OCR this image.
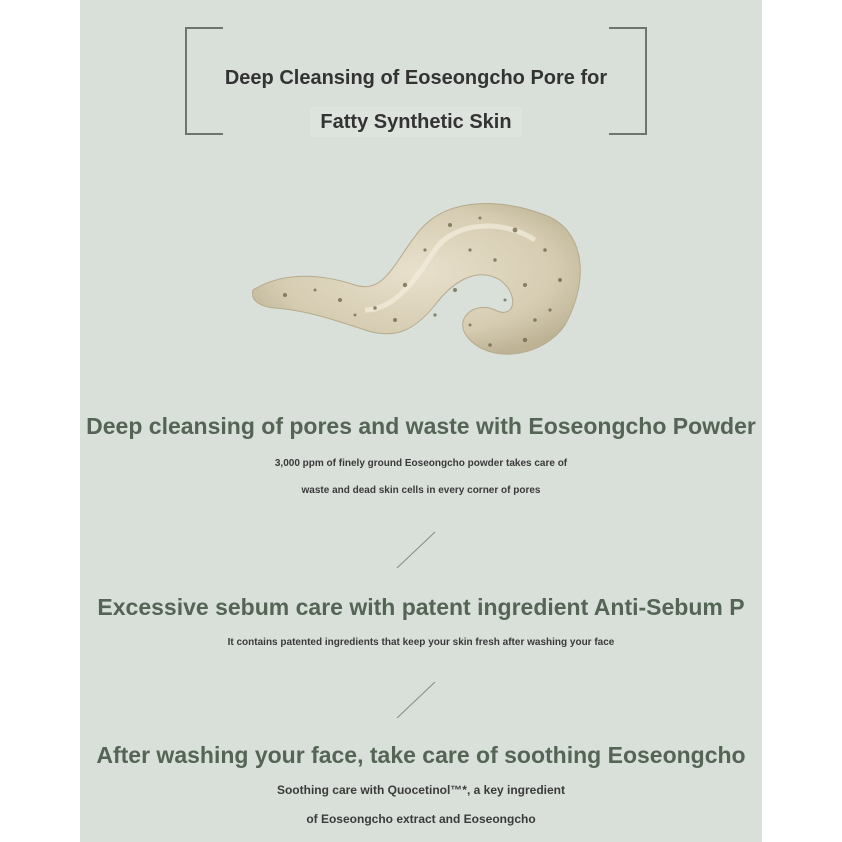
Deep Cleansing of Eoseongcho Pore for
Fatty Synthetic Skin
Deep cleansing of pores and waste with Eoseongcho Powder
3,000 ppm of finely ground Eoseongcho powder takes care of
waste and dead skin cells in every corner of pores
Excessive sebum care with patent ingredient Anti-Sebum P
It contains patented ingredients that keep your skin fresh after washing your face
After washing your face, take care of soothing Eoseongcho
Soothing care with Quocetinol™*, a key ingredient
of Eoseongcho extract and Eoseongcho
